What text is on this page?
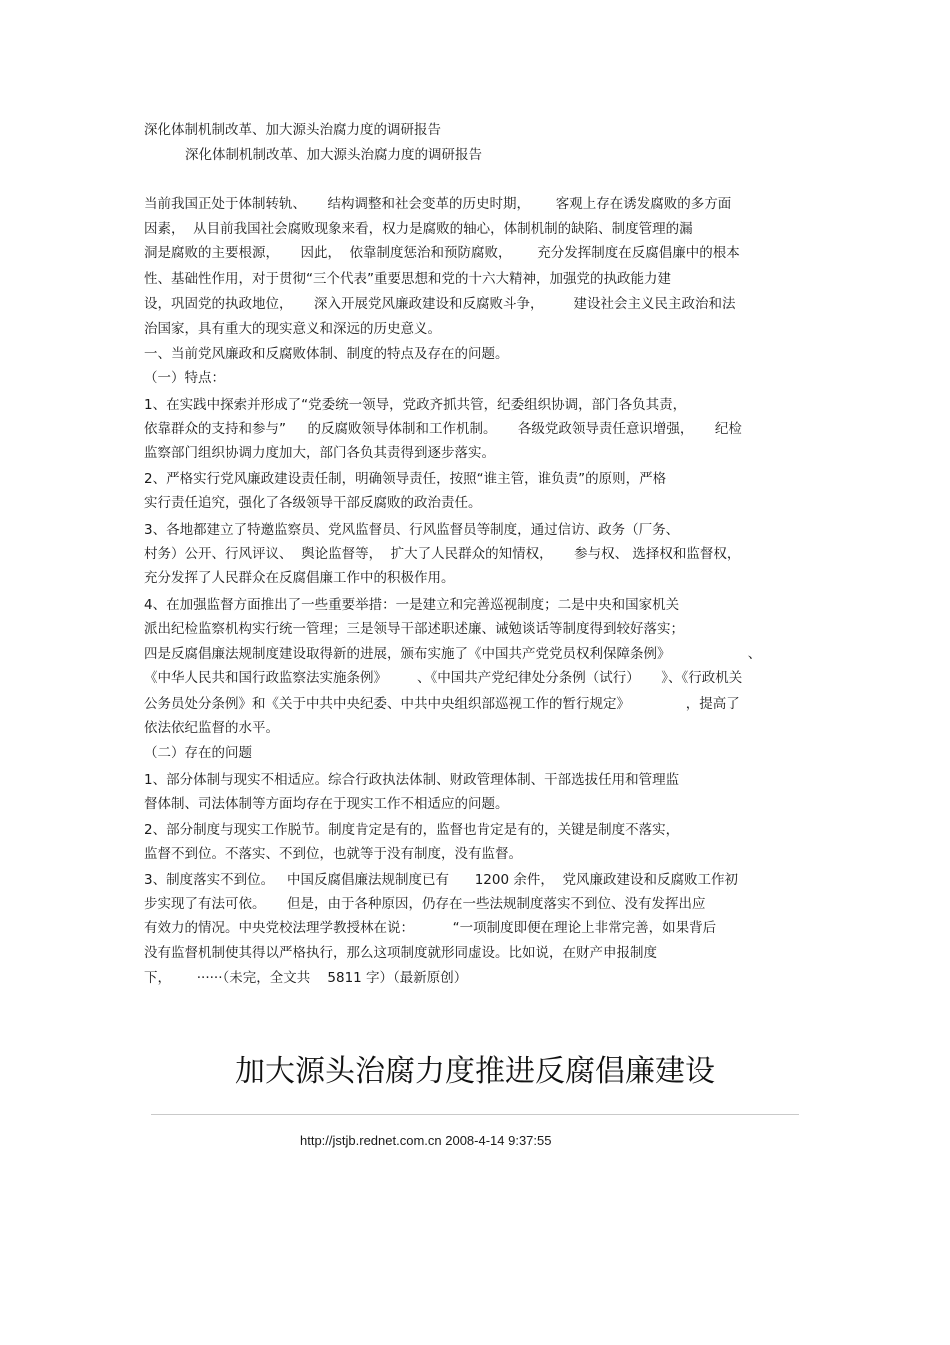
深化体制机制改革、加大源头治腐力度的调研报告
深化体制机制改革、加大源头治腐力度的调研报告
当前我国正处于体制转轨、     结构调整和社会变革的历史时期，      客观上存在诱发腐败的多方面
因素，  从目前我国社会腐败现象来看，权力是腐败的轴心，体制机制的缺陷、制度管理的漏
洞是腐败的主要根源，     因此，  依靠制度惩治和预防腐败，      充分发挥制度在反腐倡廉中的根本
性、基础性作用，对于贯彻“三个代表”重要思想和党的十六大精神，加强党的执政能力建
设，巩固党的执政地位，     深入开展党风廉政建设和反腐败斗争，       建设社会主义民主政治和法
治国家，具有重大的现实意义和深远的历史意义。
一、当前党风廉政和反腐败体制、制度的特点及存在的问题。
（一）特点：
1、在实践中探索并形成了“党委统一领导，党政齐抓共管，纪委组织协调，部门各负其责，
依靠群众的支持和参与”     的反腐败领导体制和工作机制。     各级党政领导责任意识增强，     纪检
监察部门组织协调力度加大，部门各负其责得到逐步落实。
2、严格实行党风廉政建设责任制，明确领导责任，按照“谁主管，谁负责”的原则，严格
实行责任追究，强化了各级领导干部反腐败的政治责任。
3、各地都建立了特邀监察员、党风监督员、行风监督员等制度，通过信访、政务（厂务、
村务）公开、行风评议、  舆论监督等，  扩大了人民群众的知情权，     参与权、 选择权和监督权，
充分发挥了人民群众在反腐倡廉工作中的积极作用。
4、在加强监督方面推出了一些重要举措：一是建立和完善巡视制度；二是中央和国家机关
派出纪检监察机构实行统一管理；三是领导干部述职述廉、诫勉谈话等制度得到较好落实；
四是反腐倡廉法规制度建设取得新的进展，颁布实施了《中国共产党党员权利保障条例》                  、
《中华人民共和国行政监察法实施条例》       、《中国共产党纪律处分条例（试行）     》、《行政机关
公务员处分条例》和《关于中共中央纪委、中共中央组织部巡视工作的暂行规定》             ，提高了
依法依纪监督的水平。
（二）存在的问题
1、部分体制与现实不相适应。综合行政执法体制、财政管理体制、干部选拔任用和管理监
督体制、司法体制等方面均存在于现实工作不相适应的问题。
2、部分制度与现实工作脱节。制度肯定是有的，监督也肯定是有的，关键是制度不落实，
监督不到位。不落实、不到位，也就等于没有制度，没有监督。
3、制度落实不到位。   中国反腐倡廉法规制度已有      1200 余件，  党风廉政建设和反腐败工作初
步实现了有法可依。     但是，由于各种原因，仍存在一些法规制度落实不到位、没有发挥出应
有效力的情况。中央党校法理学教授林在说：         “一项制度即便在理论上非常完善，如果背后
没有监督机制使其得以严格执行，那么这项制度就形同虚设。比如说，在财产申报制度
下，      ······（未完，全文共    5811 字）（最新原创）
加大源头治腐力度推进反腐倡廉建设
http://jstjb.rednet.com.cn 2008-4-14 9:37:55
